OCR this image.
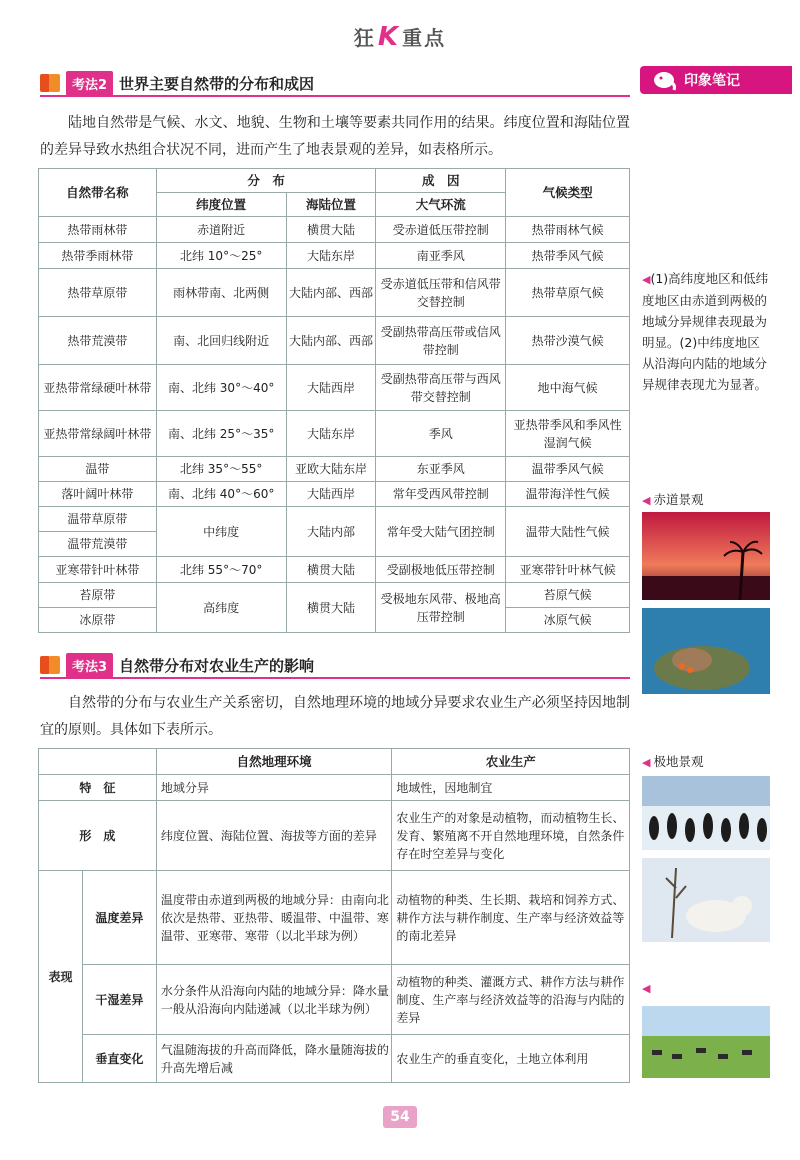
狂K 重点
考法2 世界主要自然带的分布和成因

陆地自然带是气候、水文、地貌、生物和土壤等要素共同作用的结果。纬度位置和海陆位置的差异导致水热组合状况不同，进而产生了地表景观的差异，如表格所示。

自然带名称	分　布		成　因	气候类型
	纬度位置	海陆位置	大气环流	
热带雨林带	赤道附近	横贯大陆	受赤道低压带控制	热带雨林气候
热带季雨林带	北纬 10°～25°	大陆东岸	南亚季风	热带季风气候
热带草原带	雨林带南、北两侧	大陆内部、西部	受赤道低压带和信风带交替控制	热带草原气候
热带荒漠带	南、北回归线附近	大陆内部、西部	受副热带高压带或信风带控制	热带沙漠气候
亚热带常绿硬叶林带	南、北纬 30°～40°	大陆西岸	受副热带高压带与西风带交替控制	地中海气候
亚热带常绿阔叶林带	南、北纬 25°～35°	大陆东岸	季风	亚热带季风和季风性湿润气候
温带	北纬 35°～55°	亚欧大陆东岸	东亚季风	温带季风气候
落叶阔叶林带	南、北纬 40°～60°	大陆西岸	常年受西风带控制	温带海洋性气候
温带草原带	中纬度	大陆内部	常年受大陆气团控制	温带大陆性气候
温带荒漠带				
亚寒带针叶林带	北纬 55°～70°	横贯大陆	受副极地低压带控制	亚寒带针叶林气候
苔原带	高纬度	横贯大陆	受极地东风带、极地高压带控制	苔原气候
冰原带				冰原气候
考法3 自然带分布对农业生产的影响

自然带的分布与农业生产关系密切，自然地理环境的地域分异要求农业生产必须坚持因地制宜的原则。具体如下表所示。

		自然地理环境	农业生产
特　征		地域分异	地域性，因地制宜
形　成		纬度位置、海陆位置、海拔等方面的差异	农业生产的对象是动植物，而动植物生长、发育、繁殖离不开自然地理环境，自然条件存在时空差异与变化
表现	温度差异	温度带由赤道到两极的地域分异：由南向北依次是热带、亚热带、暖温带、中温带、寒温带、亚寒带、寒带（以北半球为例）	动植物的种类、生长期、栽培和饲养方式、耕作方法与耕作制度、生产率与经济效益等的南北差异
	干湿差异	水分条件从沿海向内陆的地域分异：降水量一般从沿海向内陆递减（以北半球为例）	动植物的种类、灌溉方式、耕作方法与耕作制度、生产率与经济效益等的沿海与内陆的差异
	垂直变化	气温随海拔的升高而降低，降水量随海拔的升高先增后减	农业生产的垂直变化，土地立体利用
印象笔记
◀(1)高纬度地区和低纬度地区由赤道到两极的地域分异规律表现最为明显。(2)中纬度地区从沿海向内陆的地域分异规律表现尤为显著。
◀ 赤道景观
◀ 极地景观
◀
54
